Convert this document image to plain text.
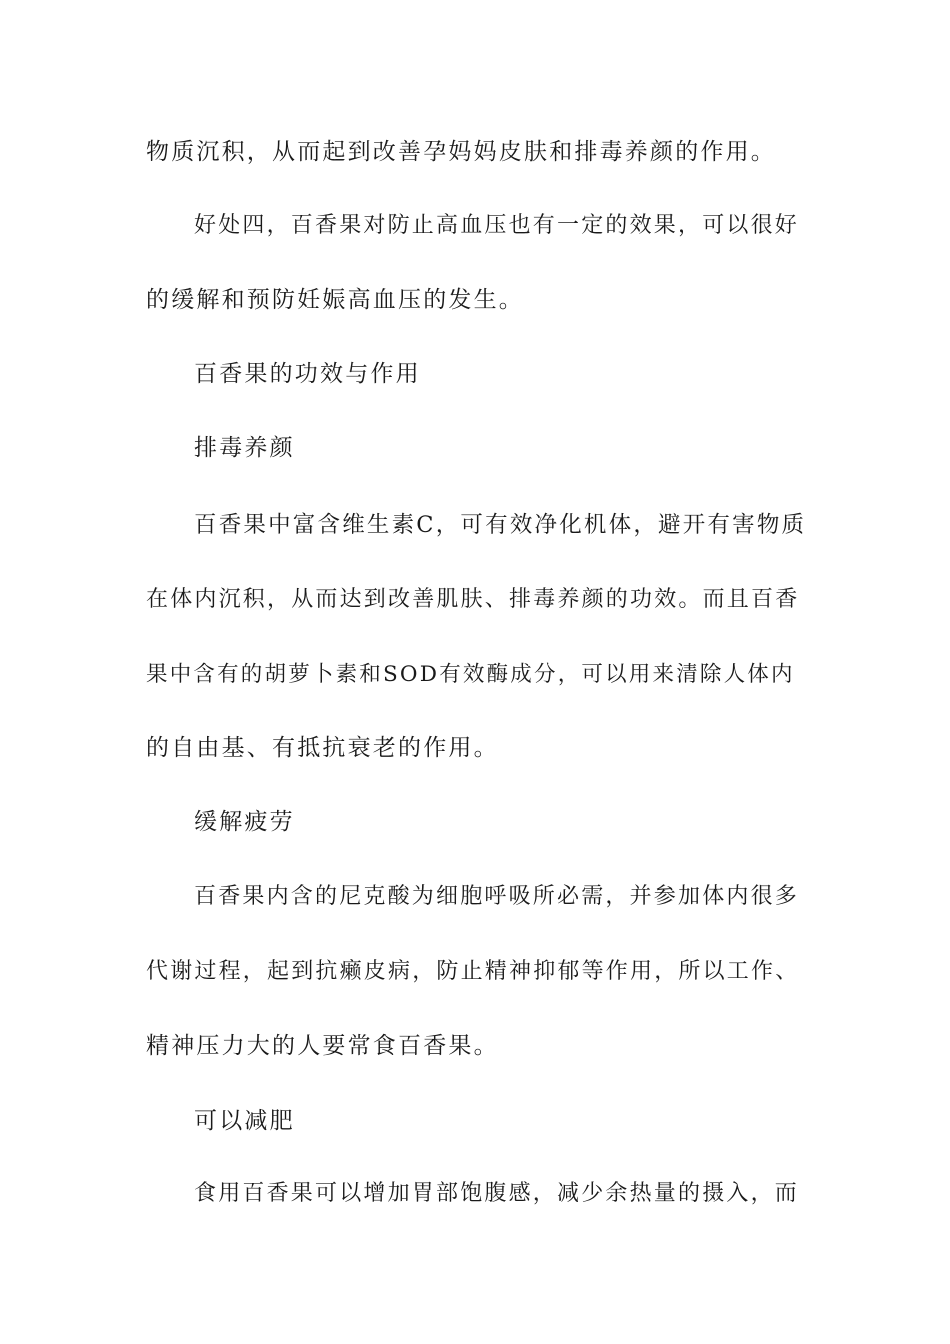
物质沉积，从而起到改善孕妈妈皮肤和排毒养颜的作用。
好处四，百香果对防止高血压也有一定的效果，可以很好
的缓解和预防妊娠高血压的发生。
百香果的功效与作用
排毒养颜
百香果中富含维生素C，可有效净化机体，避开有害物质
在体内沉积，从而达到改善肌肤、排毒养颜的功效。而且百香
果中含有的胡萝卜素和SOD有效酶成分，可以用来清除人体内
的自由基、有抵抗衰老的作用。
缓解疲劳
百香果内含的尼克酸为细胞呼吸所必需，并参加体内很多
代谢过程，起到抗癞皮病，防止精神抑郁等作用，所以工作、
精神压力大的人要常食百香果。
可以减肥
食用百香果可以增加胃部饱腹感，减少余热量的摄入，而
